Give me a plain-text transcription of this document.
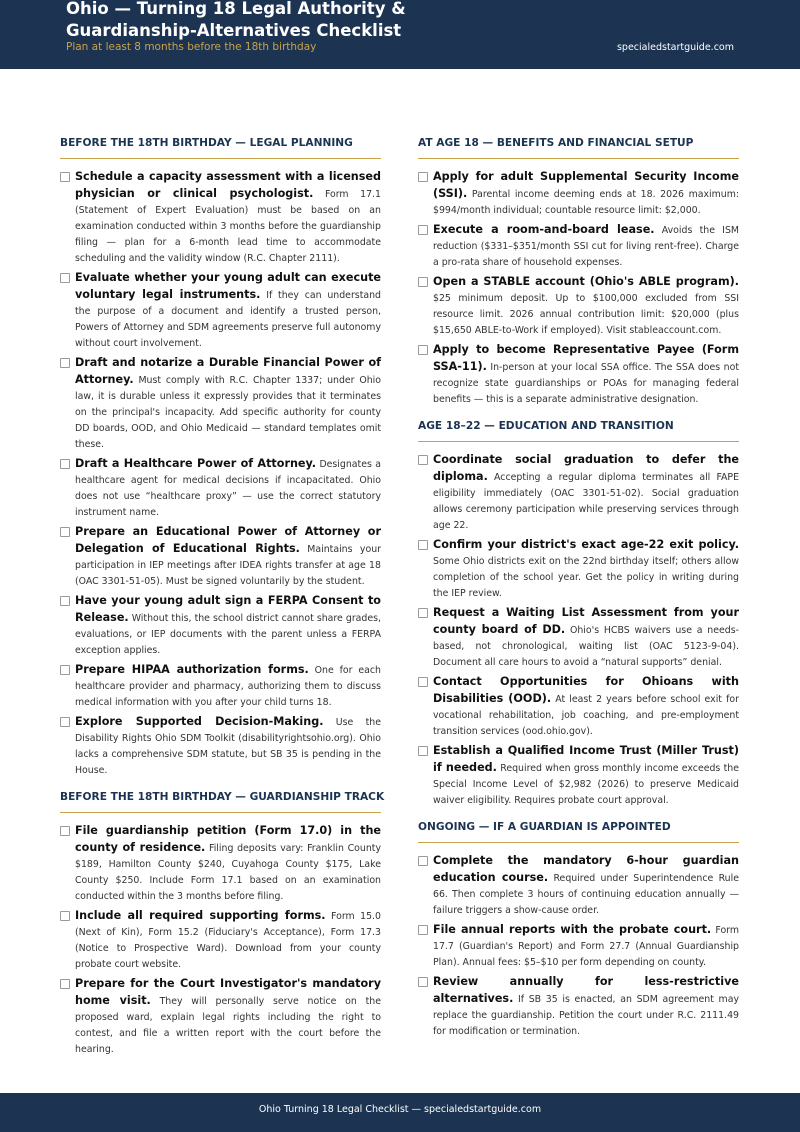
Ohio — Turning 18 Legal Authority & Guardianship-Alternatives Checklist
Plan at least 8 months before the 18th birthday	specialedstartguide.com
BEFORE THE 18TH BIRTHDAY — LEGAL PLANNING

Schedule a capacity assessment with a licensed physician or clinical psychologist. Form 17.1 (Statement of Expert Evaluation) must be based on an examination conducted within 3 months before the guardianship filing — plan for a 6-month lead time to accommodate scheduling and the validity window (R.C. Chapter 2111).

Evaluate whether your young adult can execute voluntary legal instruments. If they can understand the purpose of a document and identify a trusted person, Powers of Attorney and SDM agreements preserve full autonomy without court involvement.

Draft and notarize a Durable Financial Power of Attorney. Must comply with R.C. Chapter 1337; under Ohio law, it is durable unless it expressly provides that it terminates on the principal's incapacity. Add specific authority for county DD boards, OOD, and Ohio Medicaid — standard templates omit these.

Draft a Healthcare Power of Attorney. Designates a healthcare agent for medical decisions if incapacitated. Ohio does not use “healthcare proxy” — use the correct statutory instrument name.

Prepare an Educational Power of Attorney or Delegation of Educational Rights. Maintains your participation in IEP meetings after IDEA rights transfer at age 18 (OAC 3301-51-05). Must be signed voluntarily by the student.

Have your young adult sign a FERPA Consent to Release. Without this, the school district cannot share grades, evaluations, or IEP documents with the parent unless a FERPA exception applies.

Prepare HIPAA authorization forms. One for each healthcare provider and pharmacy, authorizing them to discuss medical information with you after your child turns 18.

Explore Supported Decision-Making. Use the Disability Rights Ohio SDM Toolkit (disabilityrightsohio.org). Ohio lacks a comprehensive SDM statute, but SB 35 is pending in the House.

BEFORE THE 18TH BIRTHDAY — GUARDIANSHIP TRACK

File guardianship petition (Form 17.0) in the county of residence. Filing deposits vary: Franklin County $189, Hamilton County $240, Cuyahoga County $175, Lake County $250. Include Form 17.1 based on an examination conducted within the 3 months before filing.

Include all required supporting forms. Form 15.0 (Next of Kin), Form 15.2 (Fiduciary's Acceptance), Form 17.3 (Notice to Prospective Ward). Download from your county probate court website.

Prepare for the Court Investigator's mandatory home visit. They will personally serve notice on the proposed ward, explain legal rights including the right to contest, and file a written report with the court before the hearing.

AT AGE 18 — BENEFITS AND FINANCIAL SETUP

Apply for adult Supplemental Security Income (SSI). Parental income deeming ends at 18. 2026 maximum: $994/month individual; countable resource limit: $2,000.

Execute a room-and-board lease. Avoids the ISM reduction ($331–$351/month SSI cut for living rent-free). Charge a pro-rata share of household expenses.

Open a STABLE account (Ohio's ABLE program). $25 minimum deposit. Up to $100,000 excluded from SSI resource limit. 2026 annual contribution limit: $20,000 (plus $15,650 ABLE-to-Work if employed). Visit stableaccount.com.

Apply to become Representative Payee (Form SSA-11). In-person at your local SSA office. The SSA does not recognize state guardianships or POAs for managing federal benefits — this is a separate administrative designation.

AGE 18–22 — EDUCATION AND TRANSITION

Coordinate social graduation to defer the diploma. Accepting a regular diploma terminates all FAPE eligibility immediately (OAC 3301-51-02). Social graduation allows ceremony participation while preserving services through age 22.

Confirm your district's exact age-22 exit policy. Some Ohio districts exit on the 22nd birthday itself; others allow completion of the school year. Get the policy in writing during the IEP review.

Request a Waiting List Assessment from your county board of DD. Ohio's HCBS waivers use a needs-based, not chronological, waiting list (OAC 5123-9-04). Document all care hours to avoid a “natural supports” denial.

Contact Opportunities for Ohioans with Disabilities (OOD). At least 2 years before school exit for vocational rehabilitation, job coaching, and pre-employment transition services (ood.ohio.gov).

Establish a Qualified Income Trust (Miller Trust) if needed. Required when gross monthly income exceeds the Special Income Level of $2,982 (2026) to preserve Medicaid waiver eligibility. Requires probate court approval.

ONGOING — IF A GUARDIAN IS APPOINTED

Complete the mandatory 6-hour guardian education course. Required under Superintendence Rule 66. Then complete 3 hours of continuing education annually — failure triggers a show-cause order.

File annual reports with the probate court. Form 17.7 (Guardian's Report) and Form 27.7 (Annual Guardianship Plan). Annual fees: $5–$10 per form depending on county.

Review annually for less-restrictive alternatives. If SB 35 is enacted, an SDM agreement may replace the guardianship. Petition the court under R.C. 2111.49 for modification or termination.

Ohio Turning 18 Legal Checklist — specialedstartguide.com
